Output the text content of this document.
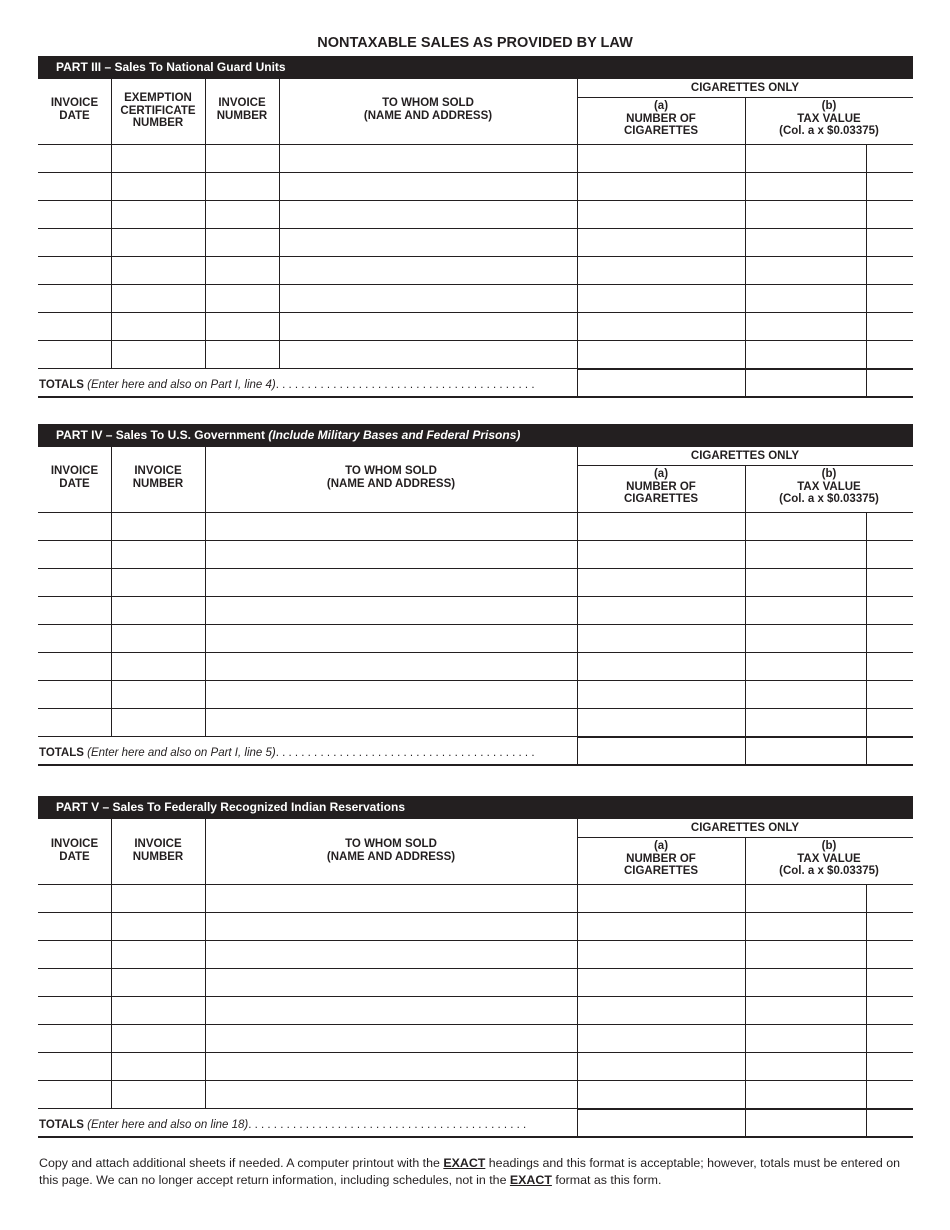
NONTAXABLE SALES AS PROVIDED BY LAW
PART III – Sales To National Guard Units
CIGARETTES ONLY
(a)
NUMBER OF
CIGARETTES
(b)
TAX VALUE
(Col. a x $0.03375)
TOTALS (Enter here and also on Part I, line 4). . . . . . . . . . . . . . . . . . . . . . . . . . . . . . . . . . . . . . . . .
INVOICE
DATE
EXEMPTION
CERTIFICATE
NUMBER
INVOICE
NUMBER
TO WHOM SOLD
(NAME AND ADDRESS)
PART IV – Sales To U.S. Government (Include Military Bases and Federal Prisons)
CIGARETTES ONLY
(a)
NUMBER OF
CIGARETTES
(b)
TAX VALUE
(Col. a x $0.03375)
TOTALS (Enter here and also on Part I, line 5). . . . . . . . . . . . . . . . . . . . . . . . . . . . . . . . . . . . . . . . .
INVOICE
DATE
INVOICE
NUMBER
TO WHOM SOLD
(NAME AND ADDRESS)
PART V – Sales To Federally Recognized Indian Reservations
CIGARETTES ONLY
(a)
NUMBER OF
CIGARETTES
(b)
TAX VALUE
(Col. a x $0.03375)
TOTALS (Enter here and also on line 18). . . . . . . . . . . . . . . . . . . . . . . . . . . . . . . . . . . . . . . . . . . .
INVOICE
DATE
INVOICE
NUMBER
TO WHOM SOLD
(NAME AND ADDRESS)
Copy and attach additional sheets if needed. A computer printout with the EXACT headings and this format is acceptable; however, totals must be entered on this page. We can no longer accept return information, including schedules, not in the EXACT format as this form.
